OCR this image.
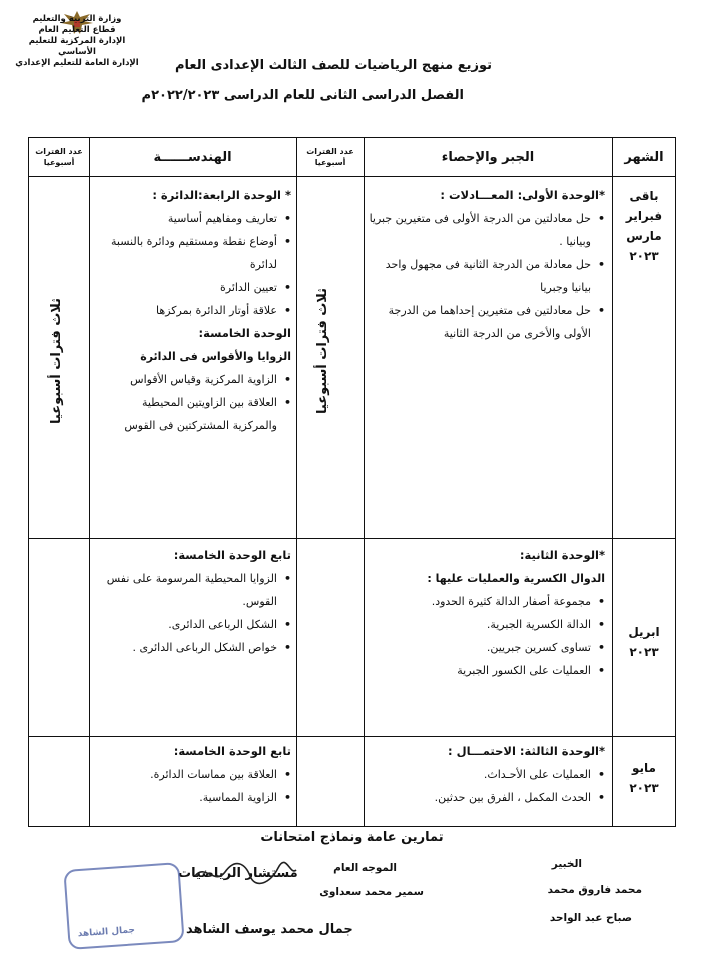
وزارة التربية والتعليم
قطاع التعليم العام
الإدارة المركزية للتعليم الأساسي
الإدارة العامة للتعليم الإعدادي	توزيع منهج الرياضيات للصف الثالث الإعدادى العام
الفصل الدراسى الثانى للعام الدراسى ٢٠٢٢/٢٠٢٣م
الشهر
الجبر والإحصاء
عدد الفترات أسبوعيا
الهندســــــة
عدد الفترات أسبوعيا
ثلاث فترات أسبوعيا
ثلاث فترات أسبوعيا
باقى
فبراير
مارس
٢٠٢٣
ابريل
٢٠٢٣
مايو
٢٠٢٣
*الوحدة الأولى: المعـــادلات :
• حل معادلتين من الدرجة الأولى فى متغيرين جبريا وبيانيا .
• حل معادلة من الدرجة الثانية فى مجهول واحد بيانيا وجبريا
• حل معادلتين فى متغيرين إحداهما من الدرجة الأولى والأخرى من الدرجة الثانية
* الوحدة الرابعة:الدائرة :
• تعاريف ومفاهيم أساسية
• أوضاع نقطة ومستقيم ودائرة بالنسبة لدائرة
• تعيين الدائرة
• علاقة أوتار الدائرة بمركزها
الوحدة الخامسة:
الزوايا والأقواس فى الدائرة
• الزاوية المركزية وقياس الأقواس
• العلاقة بين الزاويتين المحيطية والمركزية المشتركتين فى القوس
*الوحدة الثانية:
الدوال الكسرية والعمليات عليها :
• مجموعة أصفار الدالة كثيرة الحدود.
• الدالة الكسرية الجبرية.
• تساوى كسرين جبريين.
• العمليات على الكسور الجبرية
تابع الوحدة الخامسة:
• الزوايا المحيطية المرسومة على نفس القوس.
• الشكل الرباعى الدائرى.
• خواص الشكل الرباعى الدائرى .
*الوحدة الثالثة: الاحتمـــال :
• العمليات على الأحـداث.
• الحدث المكمل ، الفرق بين حدثين.
تابع الوحدة الخامسة:
• العلاقة بين مماسات الدائرة.
• الزاوية المماسية.
تمارين عامة ونماذج امتحانات
الخبير
محمد فاروق محمد
صباح عبد الواحد
الموجه العام
سمير محمد سعداوى
مستشار الرياضيات
جمال محمد يوسف الشاهد
جمال الشاهد
